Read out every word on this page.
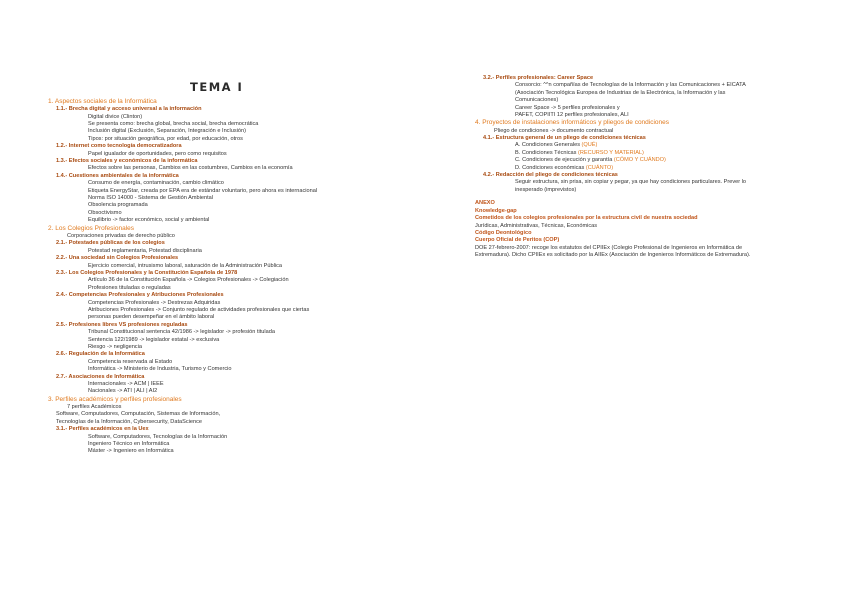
TEMA I
1. Aspectos sociales de la Informática
1.1.- Brecha digital y acceso universal a la información
Digital divice (Clinton)
Se presenta como: brecha global, brecha social, brecha democrática
Inclusión digital (Exclusión, Separación, Integración e Inclusión)
Tipos: por situación geográfica, por edad, por educación, otros
1.2.- Internet como tecnología democratizadora
Papel igualador de oportunidades, pero como requisitos
1.3.- Efectos sociales y económicos de la informática
Efectos sobre las personas, Cambios en las costumbres, Cambios en la economía
1.4.- Cuestiones ambientales de la informática
Consumo de energía, contaminación, cambio climático
Etiqueta EnergyStar, creada por EPA era de estándar voluntario, pero ahora es internacional
Norma ISO 14000 - Sistema de Gestión Ambiental
Obsolencia programada
Obsoctivismo
Equilibrio -> factor económico, social y ambiental
2. Los Colegios Profesionales
Corporaciones privadas de derecho público
2.1.- Potestades públicas de los colegios
Potestad reglamentaria, Potestad disciplinaria
2.2.- Una sociedad sin Colegios Profesionales
Ejercicio comercial, intrusismo laboral, saturación de la Administración Pública
2.3.- Los Colegios Profesionales y la Constitución Española de 1978
Artículo 36 de la Constitución Española -> Colegios Profesionales -> Colegiación
Profesiones tituladas o reguladas
2.4.- Competencias Profesionales y Atribuciones Profesionales
Competencias Profesionales -> Destrezas Adquiridas
Atribuciones Profesionales -> Conjunto regulado de actividades profesionales que ciertas
personas pueden desempeñar en el ámbito laboral
2.5.- Profesiones libres VS profesiones reguladas
Tribunal Constitucional sentencia 42/1986 -> legislador -> profesión titulada
Sentencia 122/1989 -> legislador estatal -> exclusiva
Riesgo -> negligencia
2.6.- Regulación de la Informática
Competencia reservada al Estado
Informática -> Ministerio de Industria, Turismo y Comercio
2.7.- Asociaciones de Informática
Internacionales -> ACM | IEEE
Nacionales -> ATI | ALI | AI2
3. Perfiles académicos y perfiles profesionales
7 perfiles Académicos
Software, Computadores, Computación, Sistemas de Información,
Tecnologías de la Información, Cybersecurity, DataScience
3.1.- Perfiles académicos en la Uex
Software, Computadores, Tecnologías de la Información
Ingeniero Técnico en Informática
Máster -> Ingeniero en Informática
3.2.- Perfiles profesionales: Career Space
Consorcio: ^^n compañías de Tecnologías de la Información y las Comunicaciones + EICATA
(Asociación Tecnológica Europea de Industrias de la Electrónica, la Información y las
Comunicaciones)
Career Space -> 5 perfiles profesionales y
PAFET, COPIITI 12 perfiles profesionales, ALI
4. Proyectos de instalaciones informáticos y pliegos de condiciones
Pliego de condiciones -> documento contractual
4.1.- Estructura general de un pliego de condiciones técnicas
A. Condiciones Generales (QUÉ)
B. Condiciones Técnicas (RECURSO Y MATERIAL)
C. Condiciones de ejecución y garantía (CÓMO Y CUÁNDO)
D. Condiciones económicas (CUÁNTO)
4.2.- Redacción del pliego de condiciones técnicas
Seguir estructura, sin prisa, sin copiar y pegar, ya que hay condiciones particulares. Prever lo
inesperado (imprevistos)
ANEXO
Knowledge-gap
Cometidos de los colegios profesionales por la estructura civil de nuestra sociedad
Jurídicas, Administrativas, Técnicas, Económicas
Código Deontológico
Cuerpo Oficial de Peritos (COP)
DOE 27-febrero-2007: recoge los estatutos del CPIIEx (Colegio Profesional de Ingenieros en Informática de
Extremadura). Dicho CPIIEx es solicitado por la AIIEx (Asociación de Ingenieros Informáticos de Extremadura).
